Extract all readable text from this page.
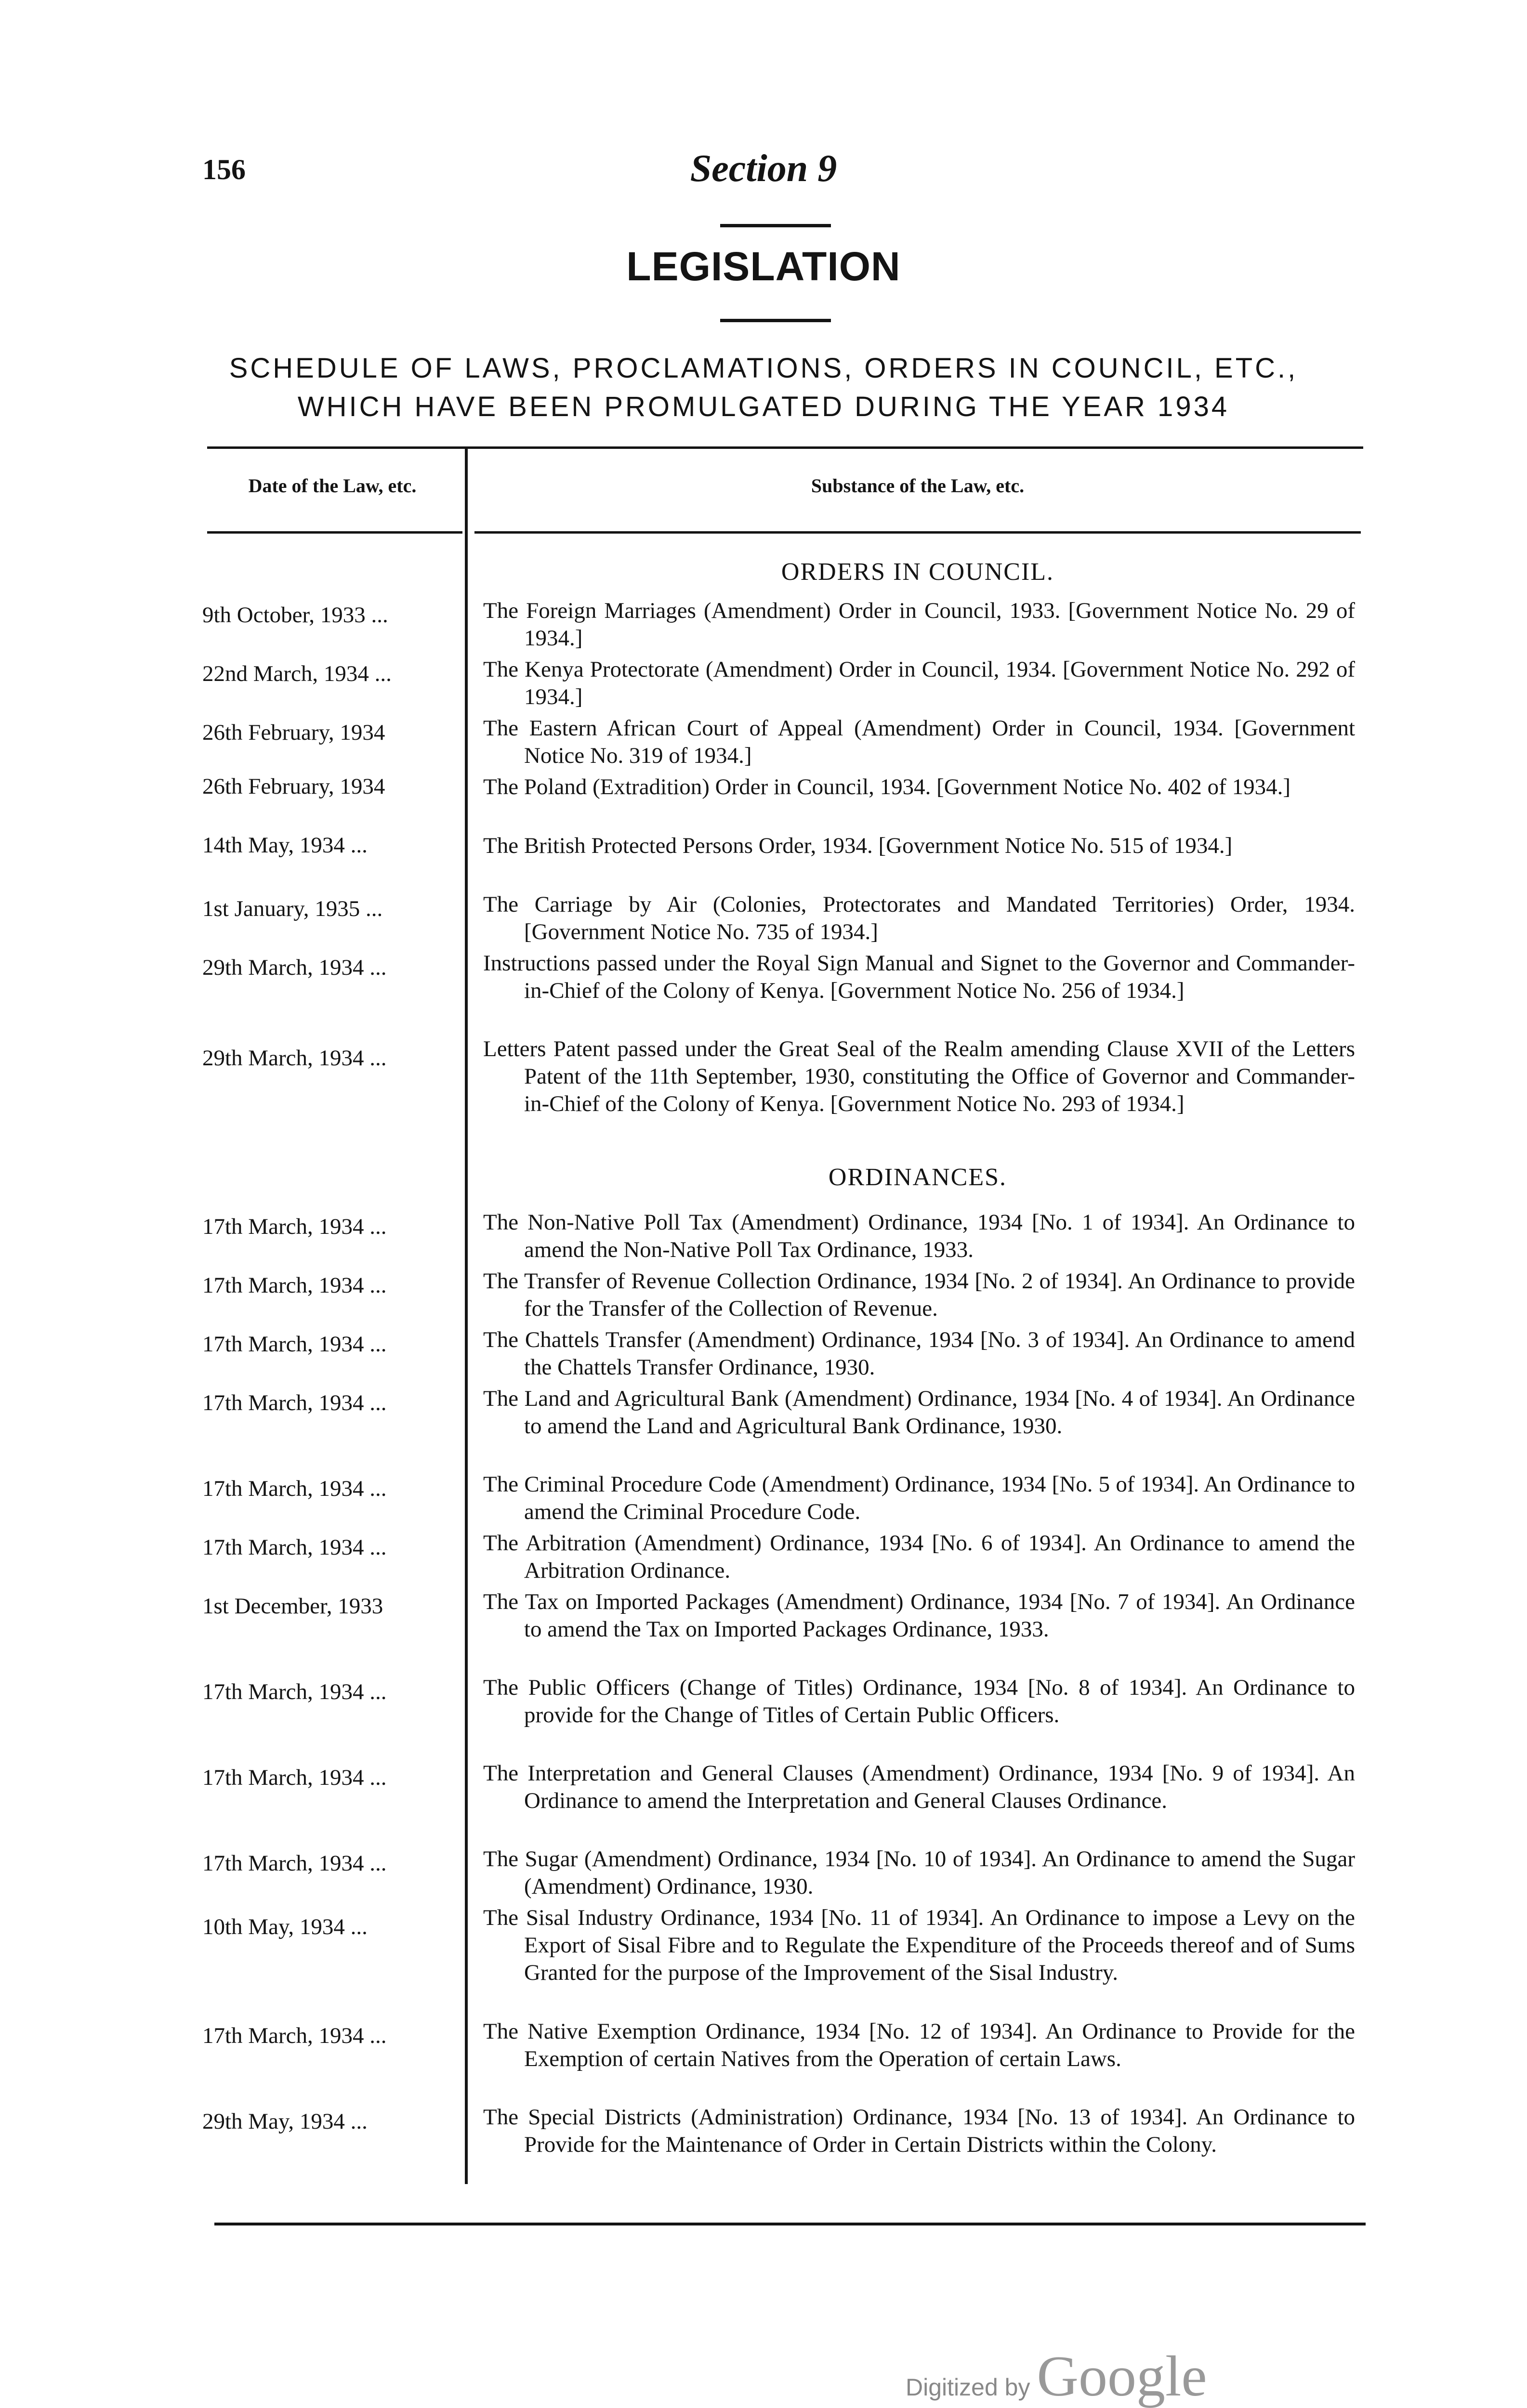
156	Section 9
LEGISLATION
SCHEDULE OF LAWS, PROCLAMATIONS, ORDERS IN COUNCIL, ETC.,
WHICH HAVE BEEN PROMULGATED DURING THE YEAR 1934
Date of the Law, etc.	Substance of the Law, etc.
ORDERS IN COUNCIL.
9th October, 1933 ...	The Foreign Marriages (Amendment) Order in Council, 1933. [Government Notice No. 29 of 1934.]
22nd March, 1934 ...	The Kenya Protectorate (Amendment) Order in Council, 1934. [Government Notice No. 292 of 1934.]
26th February, 1934	The Eastern African Court of Appeal (Amendment) Order in Council, 1934. [Government Notice No. 319 of 1934.]
26th February, 1934	The Poland (Extradition) Order in Council, 1934. [Government Notice No. 402 of 1934.]
14th May, 1934 ...	The British Protected Persons Order, 1934. [Government Notice No. 515 of 1934.]
1st January, 1935 ...	The Carriage by Air (Colonies, Protectorates and Mandated Territories) Order, 1934. [Government Notice No. 735 of 1934.]
29th March, 1934 ...	Instructions passed under the Royal Sign Manual and Signet to the Governor and Commander-in-Chief of the Colony of Kenya. [Government Notice No. 256 of 1934.]
29th March, 1934 ...	Letters Patent passed under the Great Seal of the Realm amending Clause XVII of the Letters Patent of the 11th September, 1930, constituting the Office of Governor and Commander-in-Chief of the Colony of Kenya. [Government Notice No. 293 of 1934.]
ORDINANCES.
17th March, 1934 ...	The Non-Native Poll Tax (Amendment) Ordinance, 1934 [No. 1 of 1934]. An Ordinance to amend the Non-Native Poll Tax Ordinance, 1933.
17th March, 1934 ...	The Transfer of Revenue Collection Ordinance, 1934 [No. 2 of 1934]. An Ordinance to provide for the Transfer of the Collection of Revenue.
17th March, 1934 ...	The Chattels Transfer (Amendment) Ordinance, 1934 [No. 3 of 1934]. An Ordinance to amend the Chattels Transfer Ordinance, 1930.
17th March, 1934 ...	The Land and Agricultural Bank (Amendment) Ordinance, 1934 [No. 4 of 1934]. An Ordinance to amend the Land and Agricultural Bank Ordinance, 1930.
17th March, 1934 ...	The Criminal Procedure Code (Amendment) Ordinance, 1934 [No. 5 of 1934]. An Ordinance to amend the Criminal Procedure Code.
17th March, 1934 ...	The Arbitration (Amendment) Ordinance, 1934 [No. 6 of 1934]. An Ordinance to amend the Arbitration Ordinance.
1st December, 1933	The Tax on Imported Packages (Amendment) Ordinance, 1934 [No. 7 of 1934]. An Ordinance to amend the Tax on Imported Packages Ordinance, 1933.
17th March, 1934 ...	The Public Officers (Change of Titles) Ordinance, 1934 [No. 8 of 1934]. An Ordinance to provide for the Change of Titles of Certain Public Officers.
17th March, 1934 ...	The Interpretation and General Clauses (Amendment) Ordinance, 1934 [No. 9 of 1934]. An Ordinance to amend the Interpretation and General Clauses Ordinance.
17th March, 1934 ...	The Sugar (Amendment) Ordinance, 1934 [No. 10 of 1934]. An Ordinance to amend the Sugar (Amendment) Ordinance, 1930.
10th May, 1934 ...	The Sisal Industry Ordinance, 1934 [No. 11 of 1934]. An Ordinance to impose a Levy on the Export of Sisal Fibre and to Regulate the Expenditure of the Proceeds thereof and of Sums Granted for the purpose of the Improvement of the Sisal Industry.
17th March, 1934 ...	The Native Exemption Ordinance, 1934 [No. 12 of 1934]. An Ordinance to Provide for the Exemption of certain Natives from the Operation of certain Laws.
29th May, 1934 ...	The Special Districts (Administration) Ordinance, 1934 [No. 13 of 1934]. An Ordinance to Provide for the Maintenance of Order in Certain Districts within the Colony.
Digitized by Google
